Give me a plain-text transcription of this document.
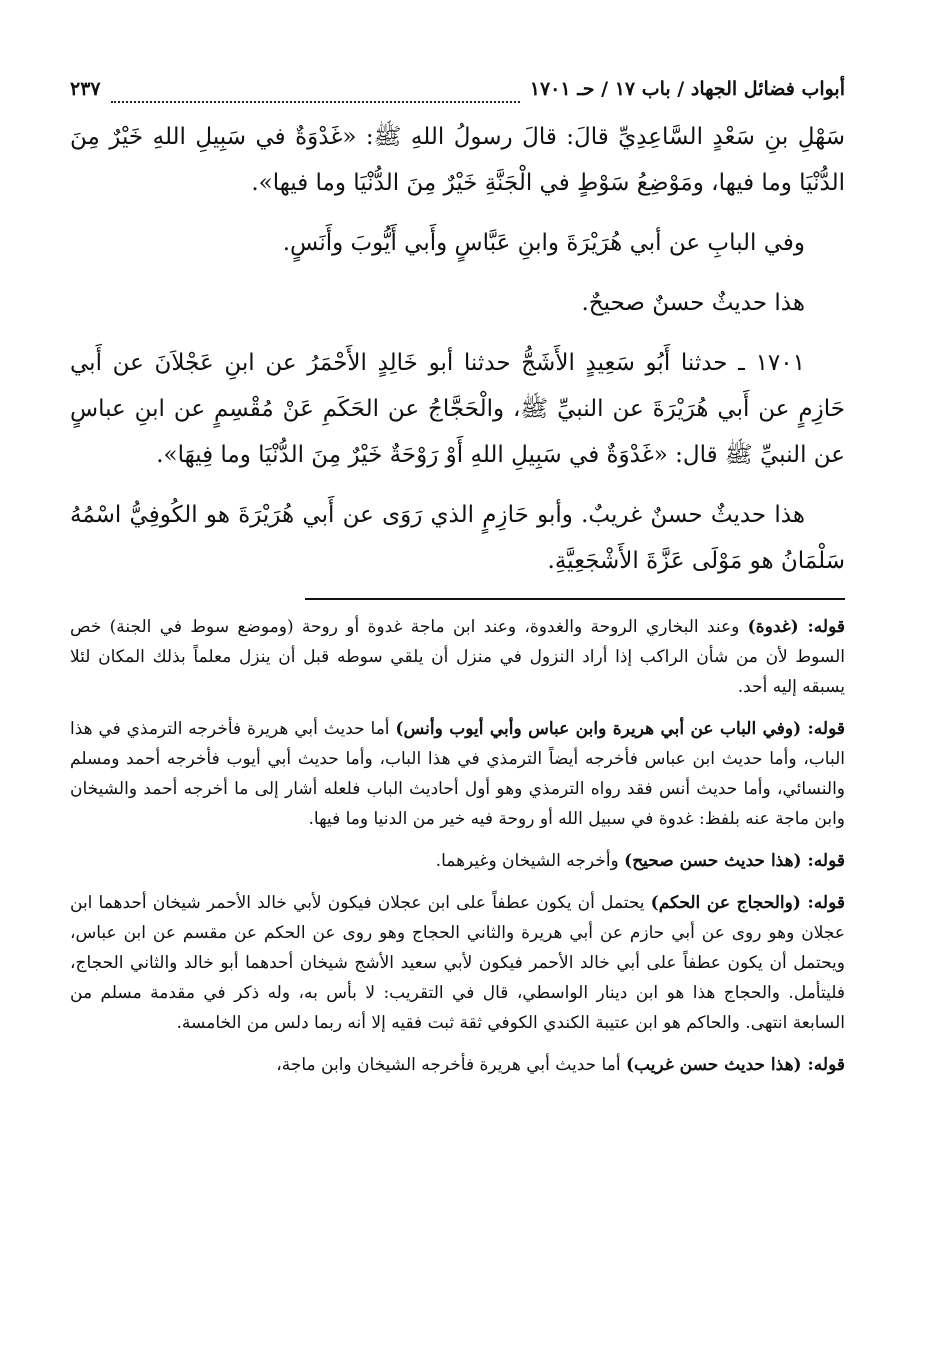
أبواب فضائل الجهاد / باب ١٧ / حـ ١٧٠١
٢٣٧

سَهْلِ بنِ سَعْدٍ السَّاعِدِيِّ قالَ: قالَ رسولُ اللهِ ﷺ: «غَدْوَةٌ في سَبِيلِ اللهِ خَيْرٌ مِنَ الدُّنْيَا وما فيها، ومَوْضِعُ سَوْطٍ في الْجَنَّةِ خَيْرٌ مِنَ الدُّنْيَا وما فيها».

وفي البابِ عن أبي هُرَيْرَةَ وابنِ عَبَّاسٍ وأَبي أَيُّوبَ وأَنَسٍ.

هذا حديثٌ حسنٌ صحيحٌ.

١٧٠١ ـ حدثنا أَبُو سَعِيدٍ الأَشَجُّ حدثنا أبو خَالِدٍ الأَحْمَرُ عن ابنِ عَجْلاَنَ عن أَبي حَازِمٍ عن أَبي هُرَيْرَةَ عن النبيِّ ﷺ، والْحَجَّاجُ عن الحَكَمِ عَنْ مُقْسِمٍ عن ابنِ عباسٍ عن النبيِّ ﷺ قال: «غَدْوَةٌ في سَبِيلِ اللهِ أَوْ رَوْحَةٌ خَيْرٌ مِنَ الدُّنْيَا وما فِيهَا».

هذا حديثٌ حسنٌ غريبٌ. وأبو حَازِمٍ الذي رَوَى عن أَبي هُرَيْرَةَ هو الكُوفِيُّ اسْمُهُ سَلْمَانُ هو مَوْلَى عَزَّةَ الأَشْجَعِيَّةِ.

قوله: (غدوة) وعند البخاري الروحة والغدوة، وعند ابن ماجة غدوة أو روحة (وموضع سوط في الجنة) خص السوط لأن من شأن الراكب إذا أراد النزول في منزل أن يلقي سوطه قبل أن ينزل معلماً بذلك المكان لئلا يسبقه إليه أحد.

قوله: (وفي الباب عن أبي هريرة وابن عباس وأبي أيوب وأنس) أما حديث أبي هريرة فأخرجه الترمذي في هذا الباب، وأما حديث ابن عباس فأخرجه أيضاً الترمذي في هذا الباب، وأما حديث أبي أيوب فأخرجه أحمد ومسلم والنسائي، وأما حديث أنس فقد رواه الترمذي وهو أول أحاديث الباب فلعله أشار إلى ما أخرجه أحمد والشيخان وابن ماجة عنه بلفظ: غدوة في سبيل الله أو روحة فيه خير من الدنيا وما فيها.

قوله: (هذا حديث حسن صحيح) وأخرجه الشيخان وغيرهما.

قوله: (والحجاج عن الحكم) يحتمل أن يكون عطفاً على ابن عجلان فيكون لأبي خالد الأحمر شيخان أحدهما ابن عجلان وهو روى عن أبي حازم عن أبي هريرة والثاني الحجاج وهو روى عن الحكم عن مقسم عن ابن عباس، ويحتمل أن يكون عطفاً على أبي خالد الأحمر فيكون لأبي سعيد الأشج شيخان أحدهما أبو خالد والثاني الحجاج، فليتأمل. والحجاج هذا هو ابن دينار الواسطي، قال في التقريب: لا بأس به، وله ذكر في مقدمة مسلم من السابعة انتهى. والحاكم هو ابن عتيبة الكندي الكوفي ثقة ثبت فقيه إلا أنه ربما دلس من الخامسة.

قوله: (هذا حديث حسن غريب) أما حديث أبي هريرة فأخرجه الشيخان وابن ماجة،
